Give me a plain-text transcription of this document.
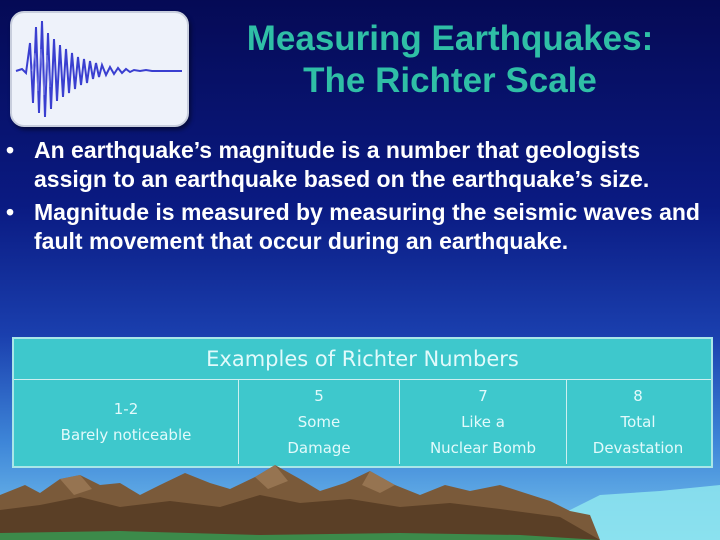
Measuring Earthquakes:
The Richter Scale
• An earthquake’s magnitude is a number that geologists assign to an earthquake based on the earthquake’s size.
• Magnitude is measured by measuring the seismic waves and fault movement that occur during an earthquake.
Examples of Richter Numbers
1-2
Barely noticeable
5
Some
Damage
7
Like a
Nuclear Bomb
8
Total
Devastation
